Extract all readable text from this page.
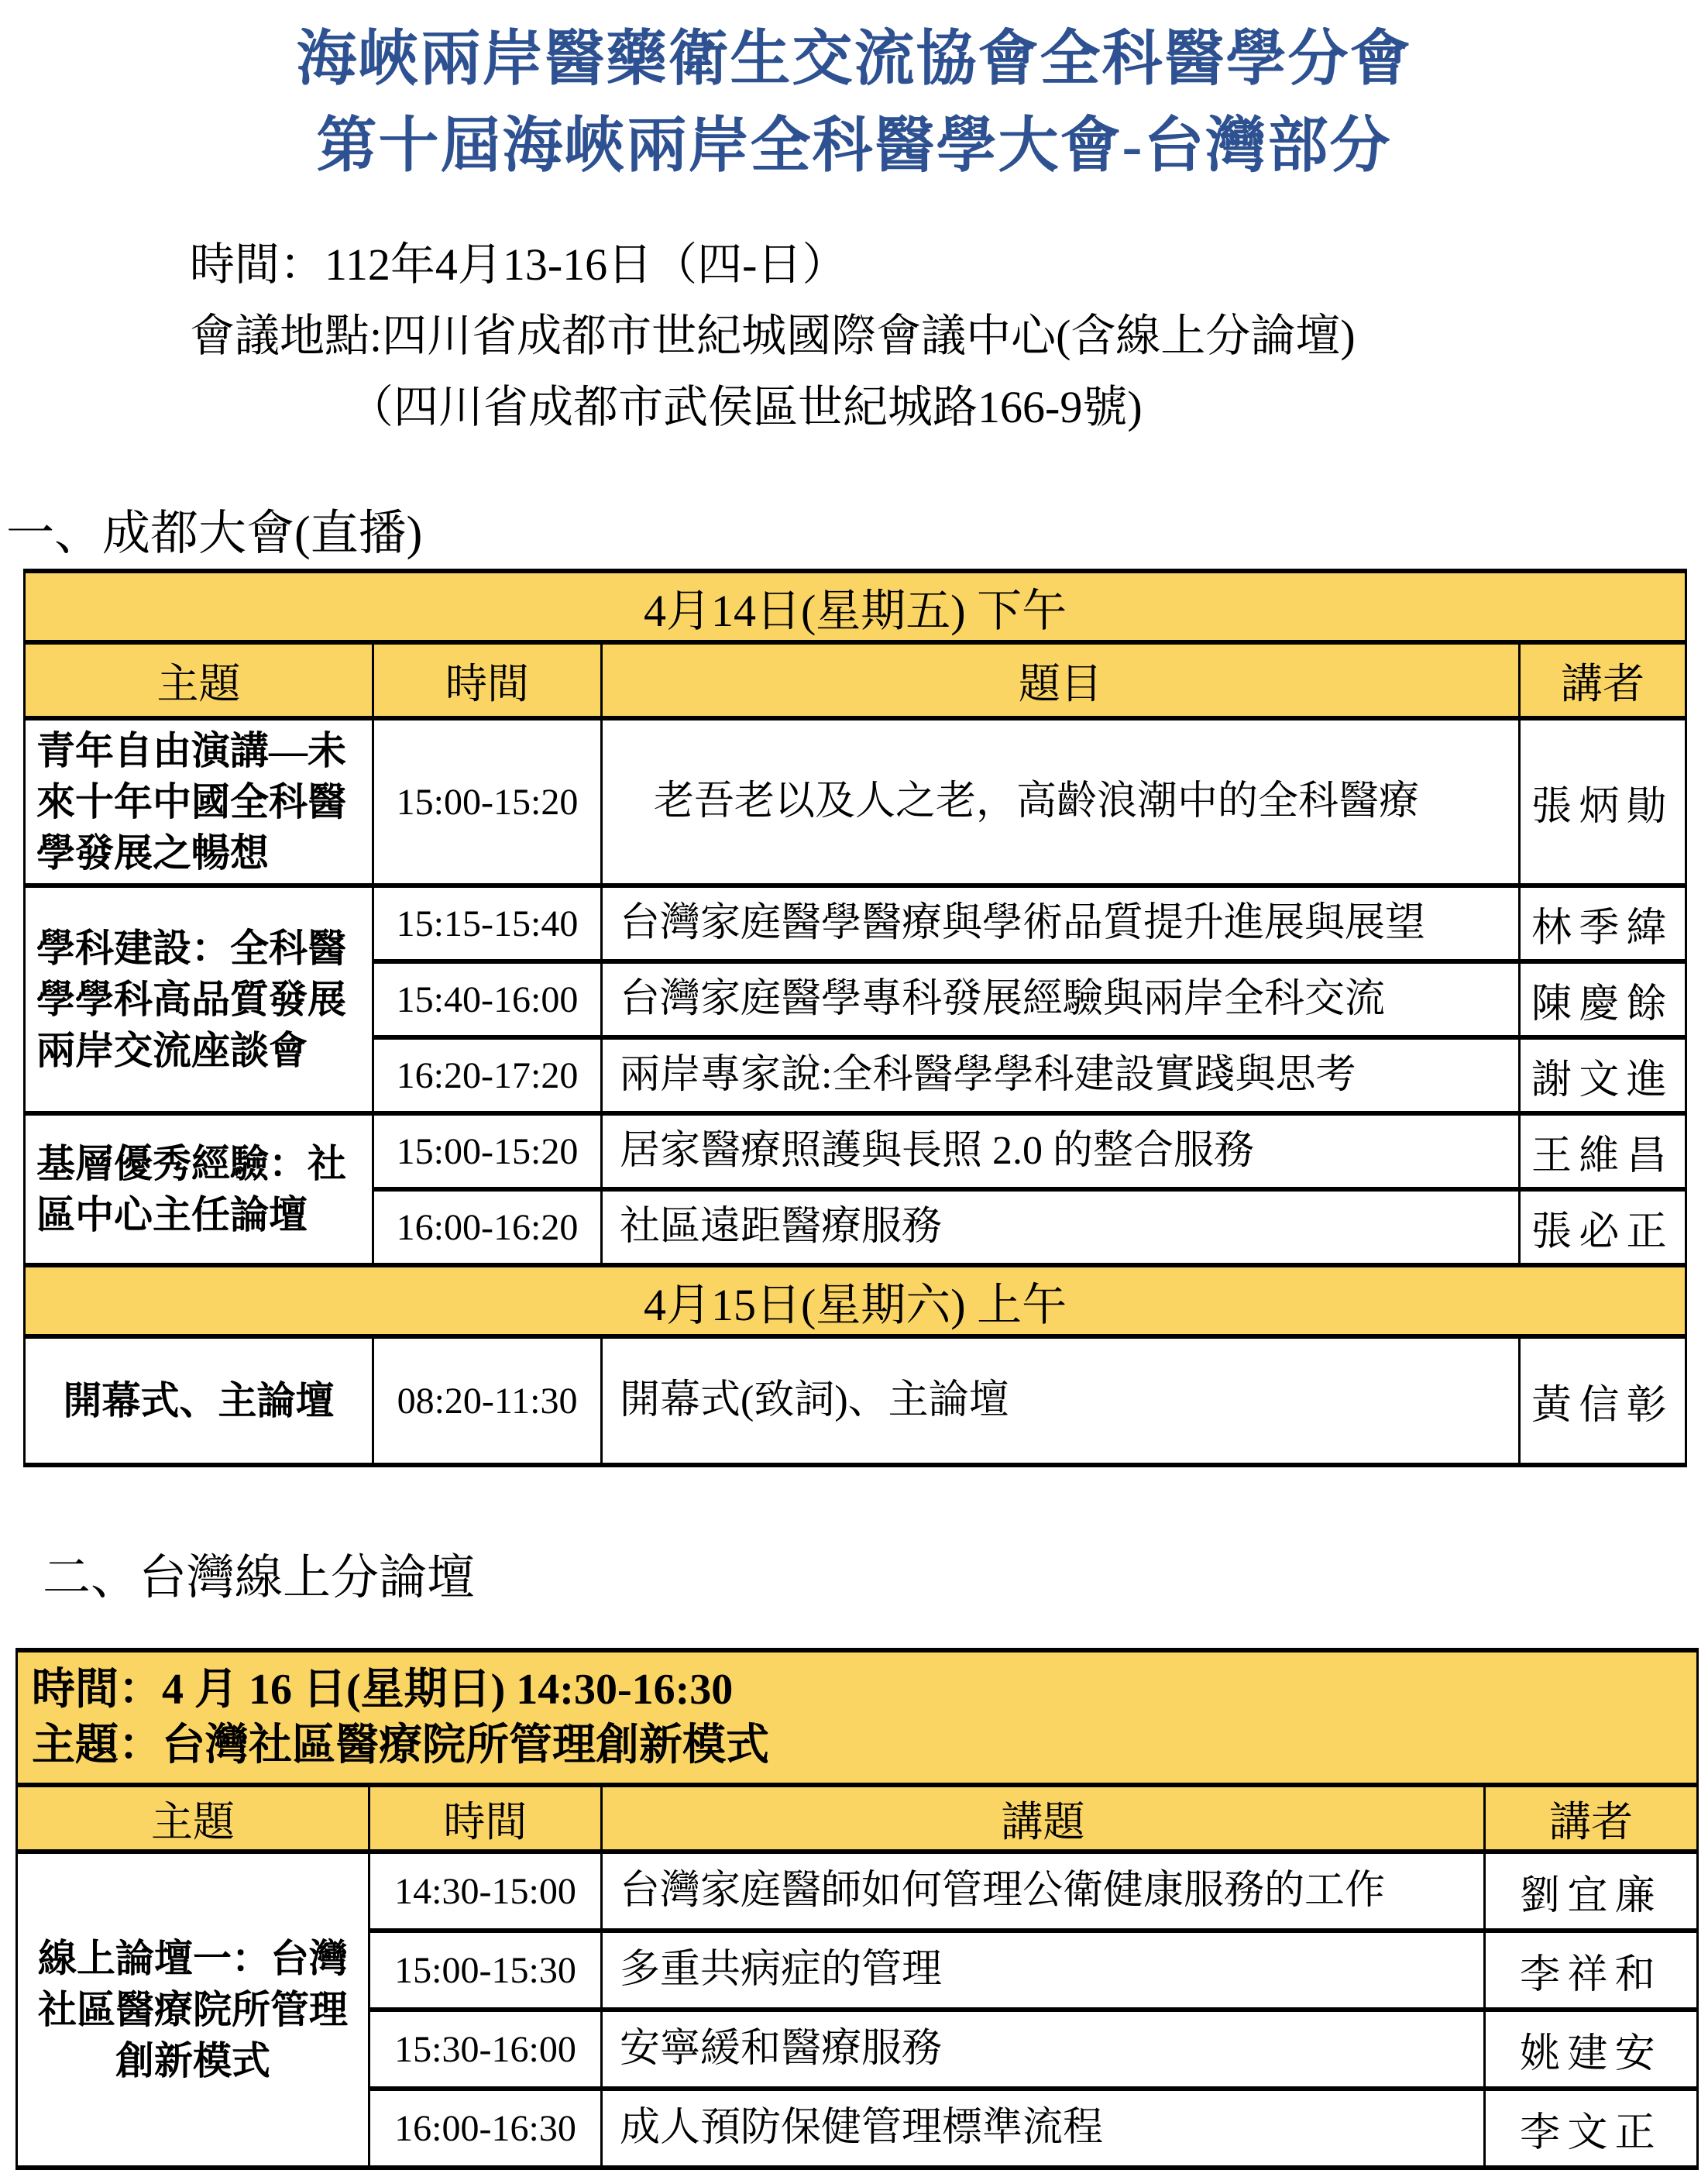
海峽兩岸醫藥衛生交流協會全科醫學分會
第十屆海峽兩岸全科醫學大會-台灣部分
時間：112年4月13-16日（四-日）
會議地點:四川省成都市世紀城國際會議中心(含線上分論壇)
（四川省成都市武侯區世紀城路166-9號)
一、成都大會(直播)
4月14日(星期五) 下午			
主題	時間	題目	講者
青年自由演講—未來十年中國全科醫學發展之暢想	15:00-15:20	老吾老以及人之老，高齡浪潮中的全科醫療	張炳勛
學科建設：全科醫學學科高品質發展兩岸交流座談會	15:15-15:40	台灣家庭醫學醫療與學術品質提升進展與展望	林季緯
	15:40-16:00	台灣家庭醫學專科發展經驗與兩岸全科交流	陳慶餘
	16:20-17:20	兩岸專家說:全科醫學學科建設實踐與思考	謝文進
基層優秀經驗：社區中心主任論壇	15:00-15:20	居家醫療照護與長照 2.0 的整合服務	王維昌
	16:00-16:20	社區遠距醫療服務	張必正
4月15日(星期六) 上午			
開幕式、主論壇	08:20-11:30	開幕式(致詞)、主論壇	黃信彰
二、台灣線上分論壇
時間：4 月 16 日(星期日) 14:30-16:30
主題：台灣社區醫療院所管理創新模式			

主題	時間	講題	講者
線上論壇一：台灣社區醫療院所管理創新模式	14:30-15:00	台灣家庭醫師如何管理公衛健康服務的工作	劉宜廉
	15:00-15:30	多重共病症的管理	李祥和
	15:30-16:00	安寧緩和醫療服務	姚建安
	16:00-16:30	成人預防保健管理標準流程	李文正
